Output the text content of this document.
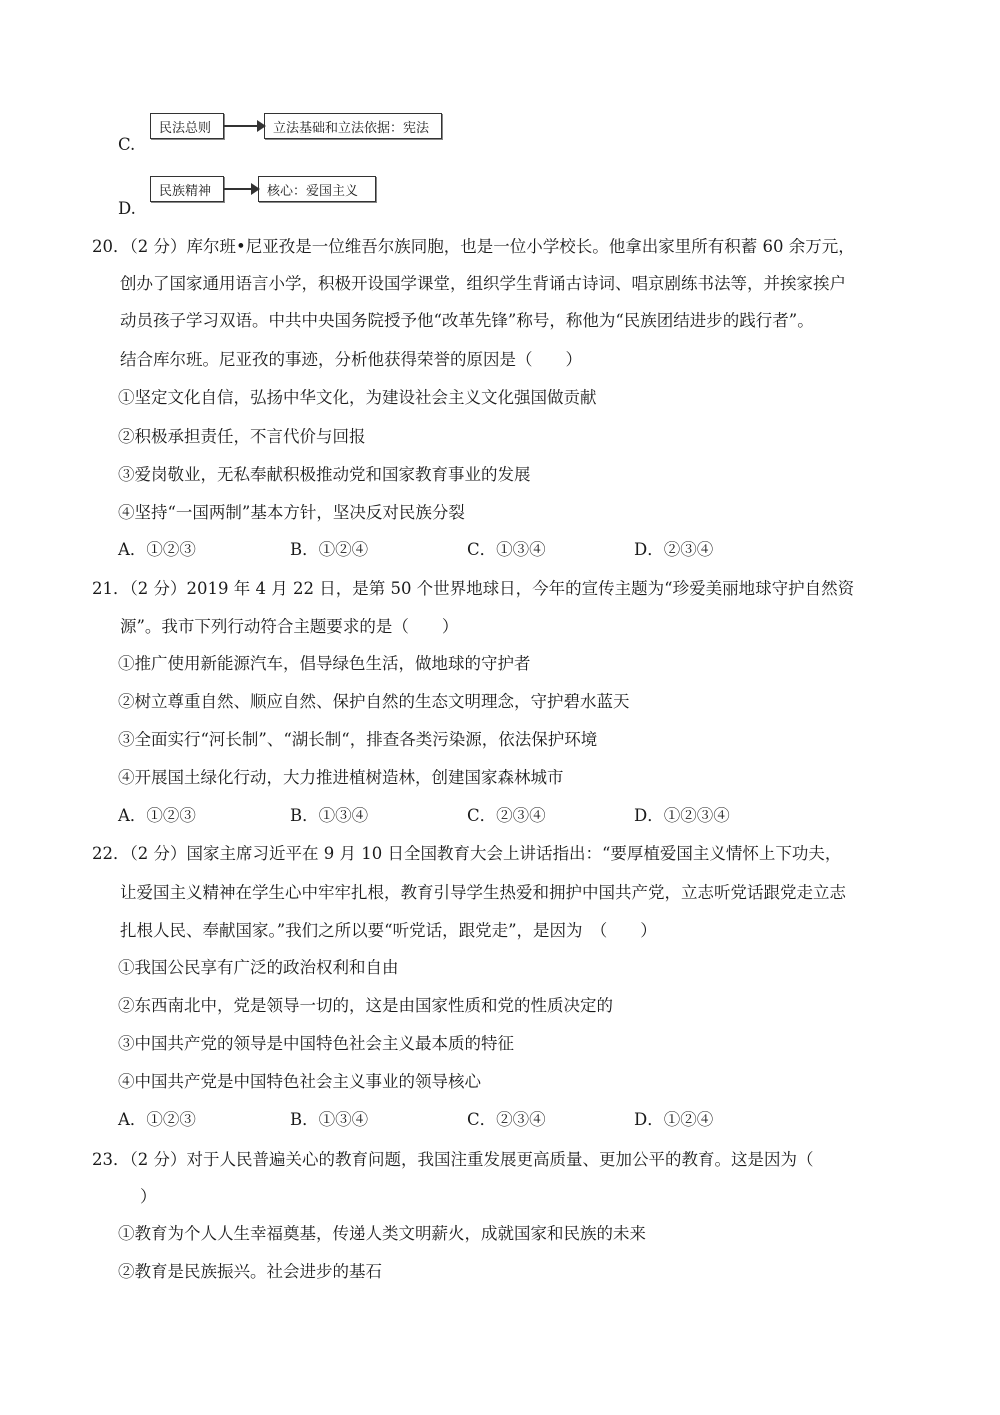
C.
民法总则	立法基础和立法依据：宪法
D.
民族精神	核心：爱国主义
20．（2 分）库尔班•尼亚孜是一位维吾尔族同胞，也是一位小学校长。他拿出家里所有积蓄 60 余万元，
创办了国家通用语言小学，积极开设国学课堂，组织学生背诵古诗词、唱京剧练书法等，并挨家挨户
动员孩子学习双语。中共中央国务院授予他“改革先锋”称号，称他为“民族团结进步的践行者”。
结合库尔班。尼亚孜的事迹，分析他获得荣誉的原因是（　　）
①坚定文化自信，弘扬中华文化，为建设社会主义文化强国做贡献
②积极承担责任，不言代价与回报
③爱岗敬业，无私奉献积极推动党和国家教育事业的发展
④坚持“一国两制”基本方针，坚决反对民族分裂
A．①②③	B．①②④	C．①③④	D．②③④
21．（2 分）2019 年 4 月 22 日，是第 50 个世界地球日，今年的宣传主题为“珍爱美丽地球守护自然资
源”。我市下列行动符合主题要求的是（　　）
①推广使用新能源汽车，倡导绿色生活，做地球的守护者
②树立尊重自然、顺应自然、保护自然的生态文明理念，守护碧水蓝天
③全面实行“河长制”、“湖长制“，排查各类污染源，依法保护环境
④开展国土绿化行动，大力推进植树造林，创建国家森林城市
A．①②③	B．①③④	C．②③④	D．①②③④
22．（2 分）国家主席习近平在 9 月 10 日全国教育大会上讲话指出：“要厚植爱国主义情怀上下功夫，
让爱国主义精神在学生心中牢牢扎根，教育引导学生热爱和拥护中国共产党，立志听党话跟党走立志
扎根人民、奉献国家。”我们之所以要“听党话，跟党走”，是因为　（　　）
①我国公民享有广泛的政治权利和自由
②东西南北中，党是领导一切的，这是由国家性质和党的性质决定的
③中国共产党的领导是中国特色社会主义最本质的特征
④中国共产党是中国特色社会主义事业的领导核心
A．①②③	B．①③④	C．②③④	D．①②④
23．（2 分）对于人民普遍关心的教育问题，我国注重发展更高质量、更加公平的教育。这是因为（
）
①教育为个人人生幸福奠基，传递人类文明薪火，成就国家和民族的未来
②教育是民族振兴。社会进步的基石
